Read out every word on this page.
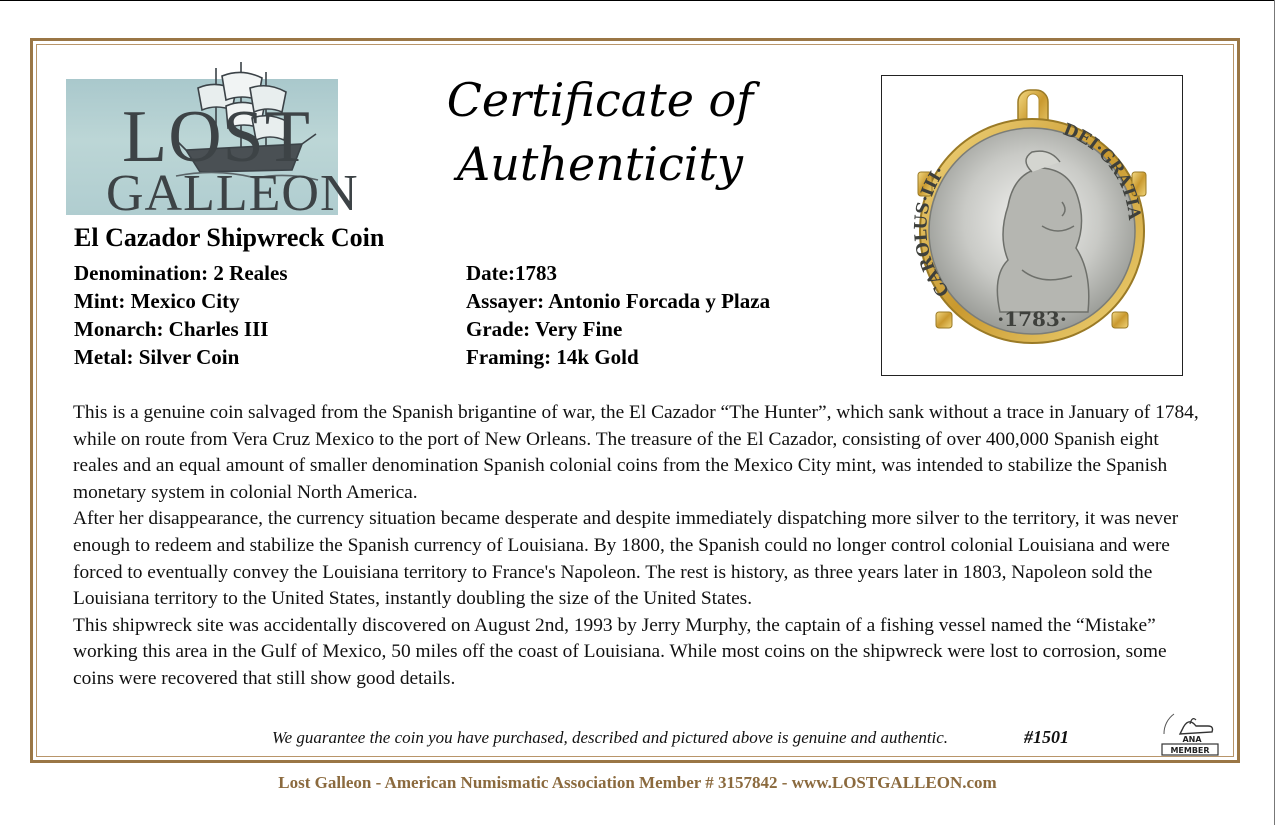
LOST
GALLEON
Certificate of
Authenticity
CAROLUS·III·
DEI·GRATIA
·1783·
El Cazador Shipwreck Coin
Denomination: 2 Reales
Mint: Mexico City
Monarch: Charles III
Metal: Silver Coin
Date:1783
Assayer: Antonio Forcada y Plaza
Grade: Very Fine
Framing: 14k Gold

This is a genuine coin salvaged from the Spanish brigantine of war, the El Cazador “The Hunter”, which sank without a trace in January of 1784, while on route from Vera Cruz Mexico to the port of New Orleans. The treasure of the El Cazador, consisting of over 400,000 Spanish eight reales and an equal amount of smaller denomination Spanish colonial coins from the Mexico City mint, was intended to stabilize the Spanish monetary system in colonial North America.

After her disappearance, the currency situation became desperate and despite immediately dispatching more silver to the territory, it was never enough to redeem and stabilize the Spanish currency of Louisiana. By 1800, the Spanish could no longer control colonial Louisiana and were forced to eventually convey the Louisiana territory to France's Napoleon. The rest is history, as three years later in 1803, Napoleon sold the Louisiana territory to the United States, instantly doubling the size of the United States.

This shipwreck site was accidentally discovered on August 2nd, 1993 by Jerry Murphy, the captain of a fishing vessel named the “Mistake” working this area in the Gulf of Mexico, 50 miles off the coast of Louisiana. While most coins on the shipwreck were lost to corrosion, some coins were recovered that still show good details.

We guarantee the coin you have purchased, described and pictured above is genuine and authentic.	#1501	ANA
MEMBER
Lost Galleon - American Numismatic Association Member # 3157842 - www.LOSTGALLEON.com
